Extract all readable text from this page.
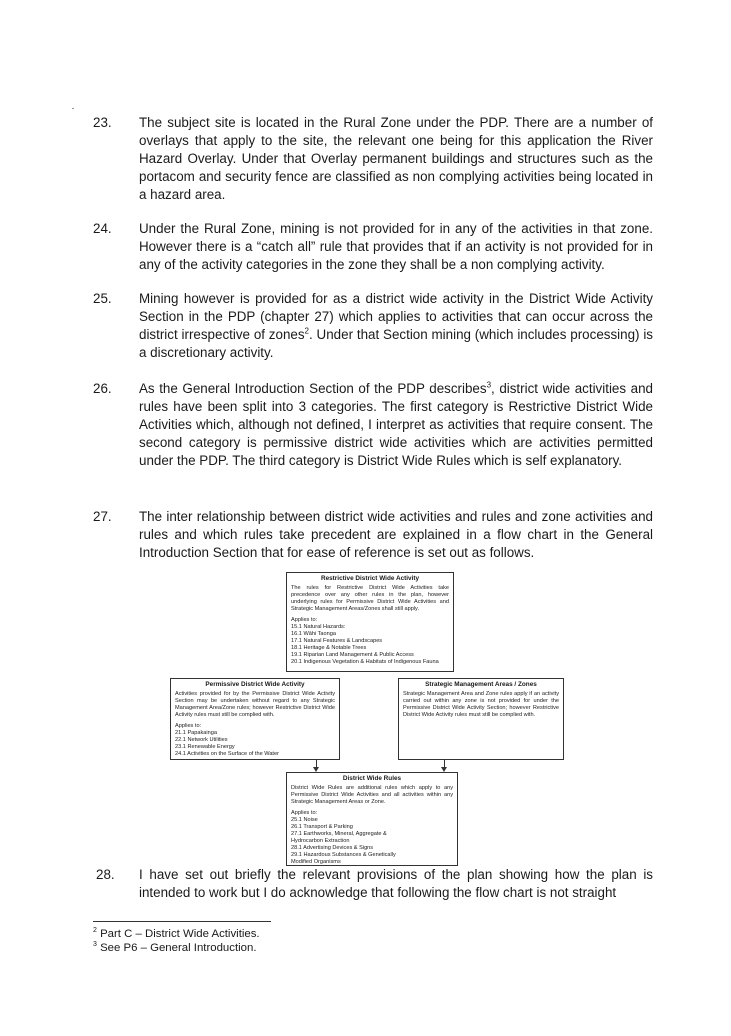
23. The subject site is located in the Rural Zone under the PDP. There are a number of overlays that apply to the site, the relevant one being for this application the River Hazard Overlay. Under that Overlay permanent buildings and structures such as the portacom and security fence are classified as non complying activities being located in a hazard area.
24. Under the Rural Zone, mining is not provided for in any of the activities in that zone. However there is a “catch all” rule that provides that if an activity is not provided for in any of the activity categories in the zone they shall be a non complying activity.
25. Mining however is provided for as a district wide activity in the District Wide Activity Section in the PDP (chapter 27) which applies to activities that can occur across the district irrespective of zones$^2$. Under that Section mining (which includes processing) is a discretionary activity.
26. As the General Introduction Section of the PDP describes$^3$, district wide activities and rules have been split into 3 categories. The first category is Restrictive District Wide Activities which, although not defined, I interpret as activities that require consent. The second category is permissive district wide activities which are activities permitted under the PDP. The third category is District Wide Rules which is self explanatory.
27. The inter relationship between district wide activities and rules and zone activities and rules and which rules take precedent are explained in a flow chart in the General Introduction Section that for ease of reference is set out as follows.
Restrictive District Wide Activity
The rules for Restrictive District Wide Activities take precedence over any other rules in the plan, however underlying rules for Permissive District Wide Activities and Strategic Management Areas/Zones shall still apply.
Applies to:
15.1 Natural Hazards:
16.1 Wāhi Taonga
17.1 Natural Features & Landscapes
18.1 Heritage & Notable Trees
19.1 Riparian Land Management & Public Access
20.1 Indigenous Vegetation & Habitats of Indigenous Fauna
Permissive District Wide Activity
Activities provided for by the Permissive District Wide Activity Section may be undertaken without regard to any Strategic Management Area/Zone rules; however Restrictive District Wide Activity rules must still be complied with.
Applies to:
21.1 Papakainga
22.1 Network Utilities
23.1 Renewable Energy
24.1 Activities on the Surface of the Water
Strategic Management Areas / Zones
Strategic Management Area and Zone rules apply if an activity carried out within any zone is not provided for under the Permissive District Wide Activity Section; however Restrictive District Wide Activity rules must still be complied with.
District Wide Rules
District Wide Rules are additional rules which apply to any Permissive District Wide Activities and all activities within any Strategic Management Areas or Zone.
Applies to:
25.1 Noise
26.1 Transport & Parking
27.1 Earthworks, Mineral, Aggregate &
Hydrocarbon Extraction
28.1 Advertising Devices & Signs
29.1 Hazardous Substances & Genetically
Modified Organisms
28. I have set out briefly the relevant provisions of the plan showing how the plan is intended to work but I do acknowledge that following the flow chart is not straight
$^2$ Part C – District Wide Activities.
$^3$ See P6 – General Introduction.
